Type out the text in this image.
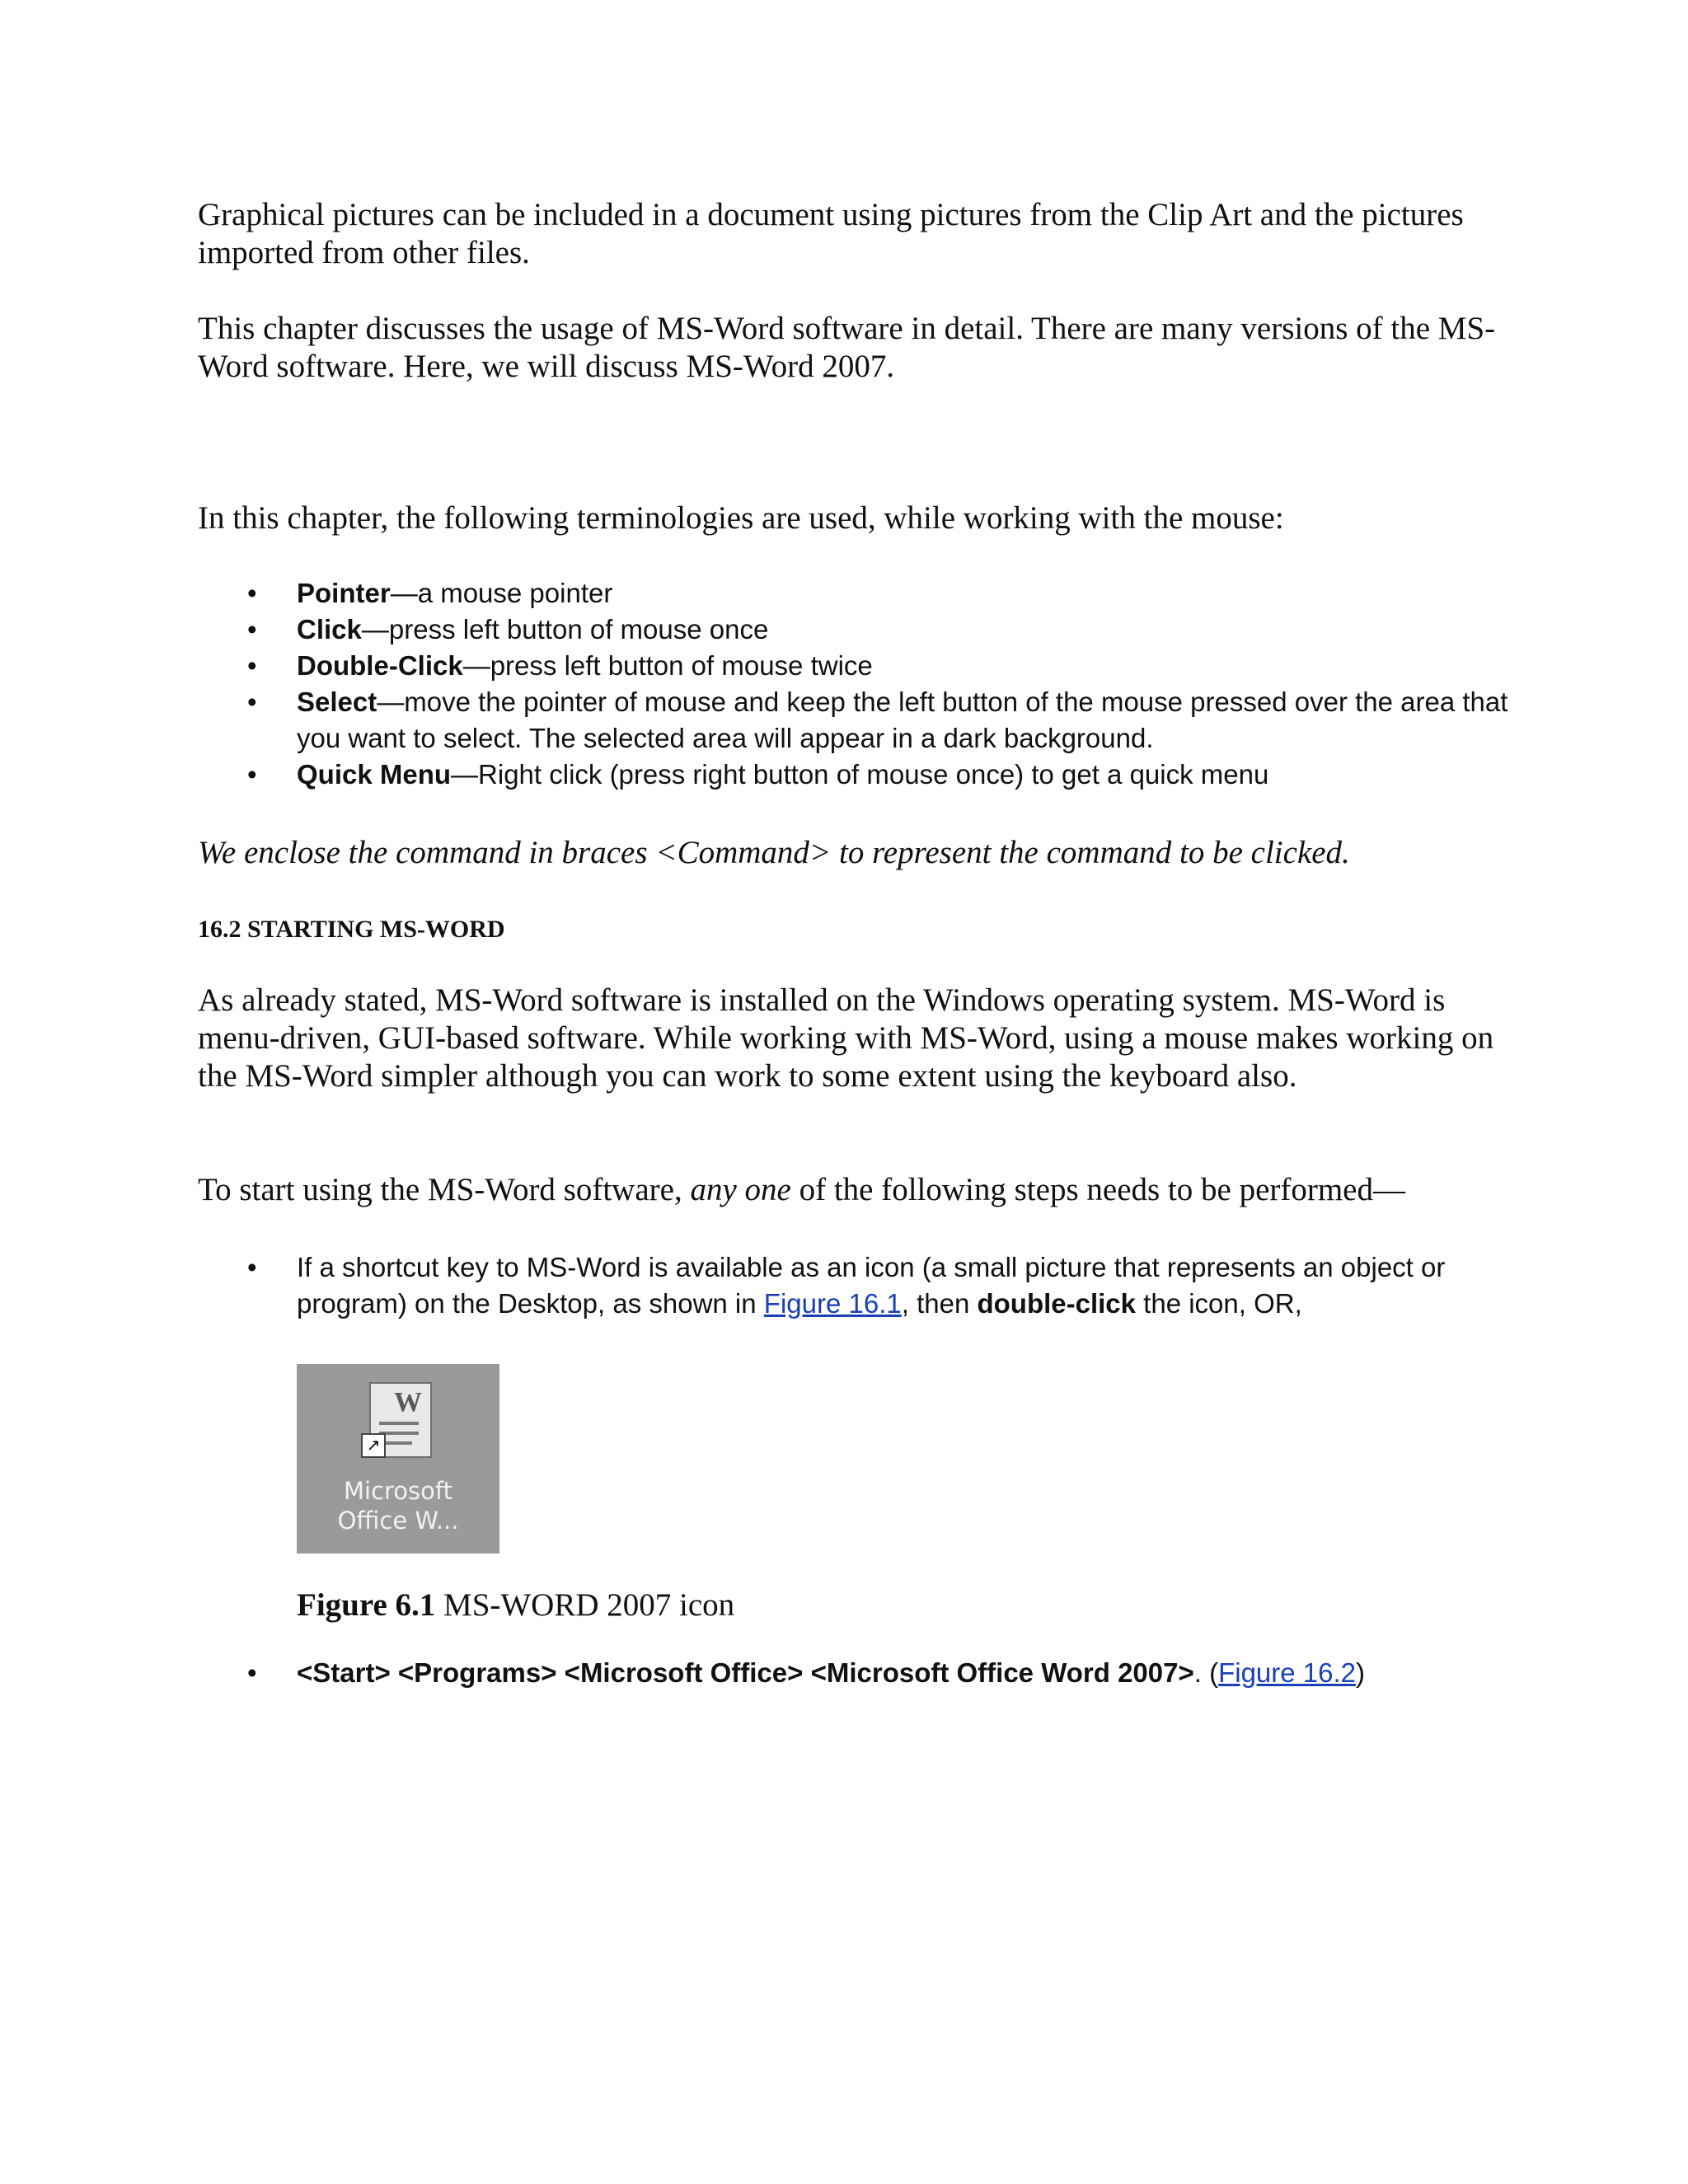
Graphical pictures can be included in a document using pictures from the Clip Art and the pictures imported from other files.

This chapter discusses the usage of MS-Word software in detail. There are many versions of the MS-Word software. Here, we will discuss MS-Word 2007.

In this chapter, the following terminologies are used, while working with the mouse:

• Pointer—a mouse pointer
• Click—press left button of mouse once
• Double-Click—press left button of mouse twice
• Select—move the pointer of mouse and keep the left button of the mouse pressed over the area that you want to select. The selected area will appear in a dark background.
• Quick Menu—Right click (press right button of mouse once) to get a quick menu

We enclose the command in braces <Command> to represent the command to be clicked.

16.2 STARTING MS-WORD

As already stated, MS-Word software is installed on the Windows operating system. MS-Word is menu-driven, GUI-based software. While working with MS-Word, using a mouse makes working on the MS-Word simpler although you can work to some extent using the keyboard also.

To start using the MS-Word software, any one of the following steps needs to be performed—

• If a shortcut key to MS-Word is available as an icon (a small picture that represents an object or program) on the Desktop, as shown in Figure 16.1, then double-click the icon, OR,
W
↗
Microsoft
Office W...

Figure 6.1 MS-WORD 2007 icon

• <Start> <Programs> <Microsoft Office> <Microsoft Office Word 2007>. (Figure 16.2)
